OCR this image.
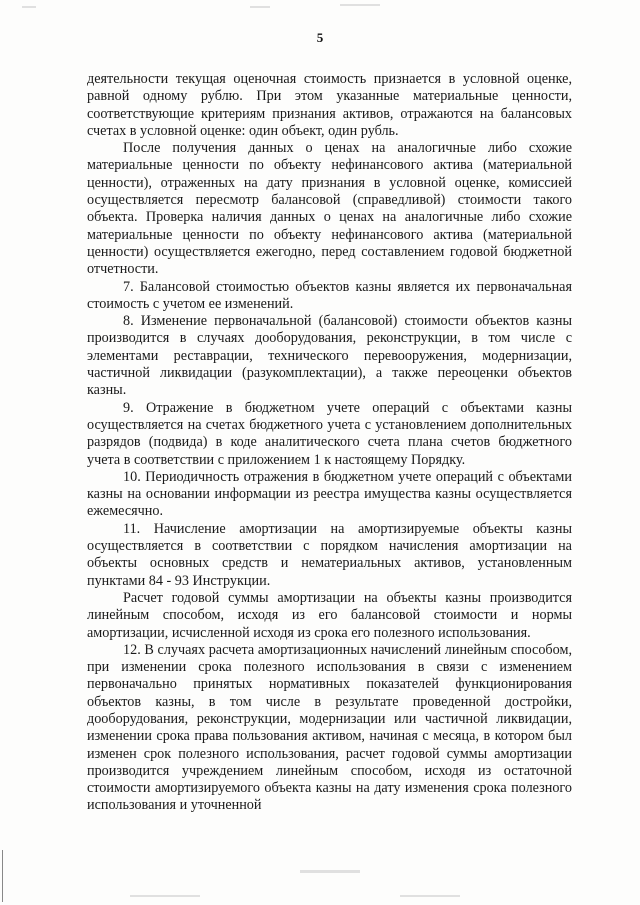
5

деятельности текущая оценочная стоимость признается в условной оценке, равной одному рублю. При этом указанные материальные ценности, соответствующие критериям признания активов, отражаются на балансовых счетах в условной оценке: один объект, один рубль.

После получения данных о ценах на аналогичные либо схожие материальные ценности по объекту нефинансового актива (материальной ценности), отраженных на дату признания в условной оценке, комиссией осуществляется пересмотр балансовой (справедливой) стоимости такого объекта. Проверка наличия данных о ценах на аналогичные либо схожие материальные ценности по объекту нефинансового актива (материальной ценности) осуществляется ежегодно, перед составлением годовой бюджетной отчетности.

7. Балансовой стоимостью объектов казны является их первоначальная стоимость с учетом ее изменений.

8. Изменение первоначальной (балансовой) стоимости объектов казны производится в случаях дооборудования, реконструкции, в том числе с элементами реставрации, технического перевооружения, модернизации, частичной ликвидации (разукомплектации), а также переоценки объектов казны.

9. Отражение в бюджетном учете операций с объектами казны осуществляется на счетах бюджетного учета с установлением дополнительных разрядов (подвида) в коде аналитического счета плана счетов бюджетного учета в соответствии с приложением 1 к настоящему Порядку.

10. Периодичность отражения в бюджетном учете операций с объектами казны на основании информации из реестра имущества казны осуществляется ежемесячно.

11. Начисление амортизации на амортизируемые объекты казны осуществляется в соответствии с порядком начисления амортизации на объекты основных средств и нематериальных активов, установленным пунктами 84 - 93 Инструкции.

Расчет годовой суммы амортизации на объекты казны производится линейным способом, исходя из его балансовой стоимости и нормы амортизации, исчисленной исходя из срока его полезного использования.

12. В случаях расчета амортизационных начислений линейным способом, при изменении срока полезного использования в связи с изменением первоначально принятых нормативных показателей функционирования объектов казны, в том числе в результате проведенной достройки, дооборудования, реконструкции, модернизации или частичной ликвидации, изменении срока права пользования активом, начиная с месяца, в котором был изменен срок полезного использования, расчет годовой суммы амортизации производится учреждением линейным способом, исходя из остаточной стоимости амортизируемого объекта казны на дату изменения срока полезного использования и уточненной
